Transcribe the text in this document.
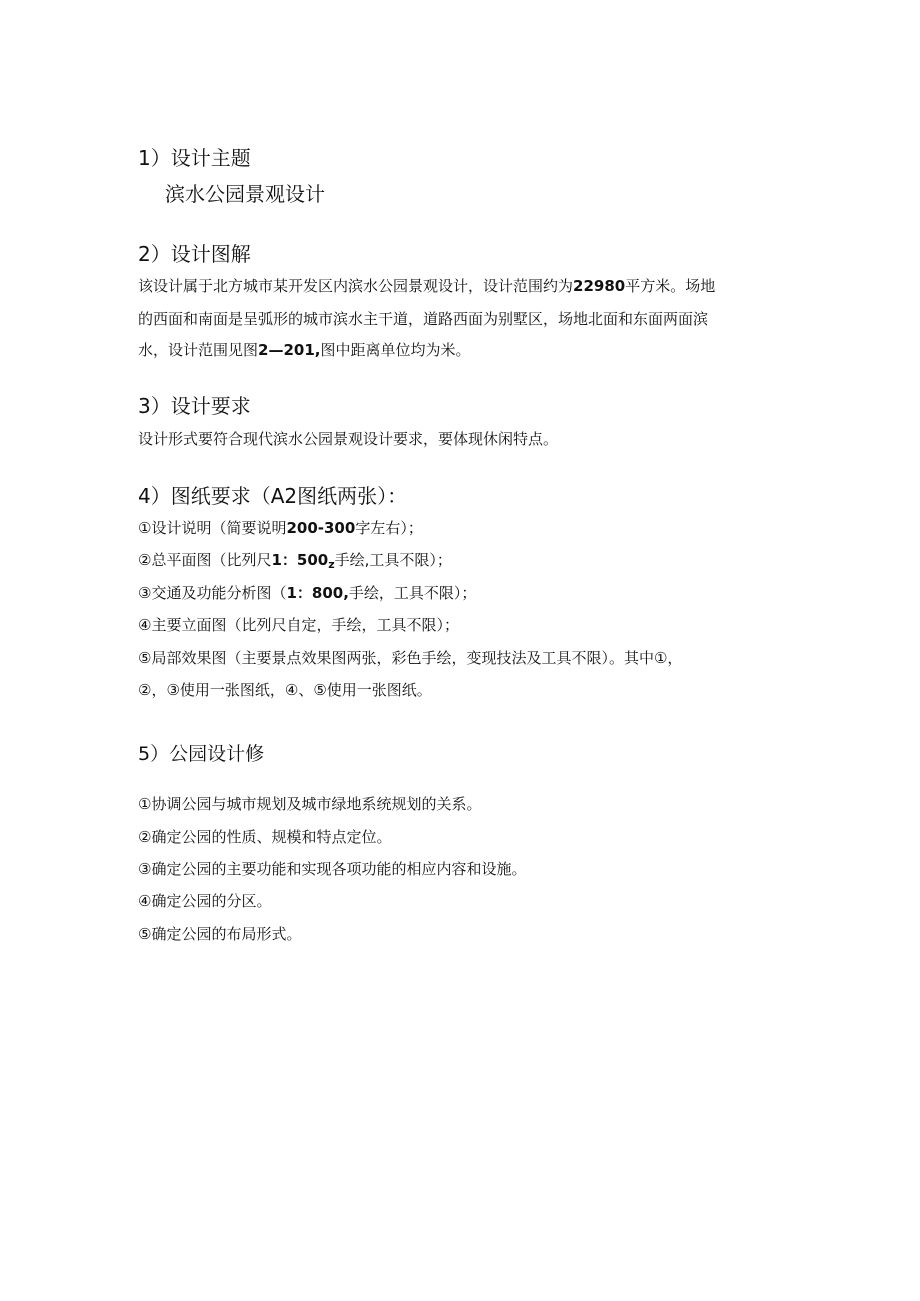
1）设计主题
滨水公园景观设计
2）设计图解
该设计属于北方城市某开发区内滨水公园景观设计，设计范围约为22980平方米。场地
的西面和南面是呈弧形的城市滨水主干道，道路西面为别墅区，场地北面和东面两面滨
水，设计范围见图2—201,图中距离单位均为米。
3）设计要求
设计形式要符合现代滨水公园景观设计要求，要体现休闲特点。
4）图纸要求（A2图纸两张）：
①设计说明（简要说明200-300字左右）；
②总平面图（比列尺1：$500_z$手绘,工具不限）；
③交通及功能分析图（1：800,手绘，工具不限）；
④主要立面图（比列尺自定，手绘，工具不限）；
⑤局部效果图（主要景点效果图两张，彩色手绘，变现技法及工具不限）。其中①，
②，③使用一张图纸，④、⑤使用一张图纸。
5）公园设计修
①协调公园与城市规划及城市绿地系统规划的关系。
②确定公园的性质、规模和特点定位。
③确定公园的主要功能和实现各项功能的相应内容和设施。
④确定公园的分区。
⑤确定公园的布局形式。
